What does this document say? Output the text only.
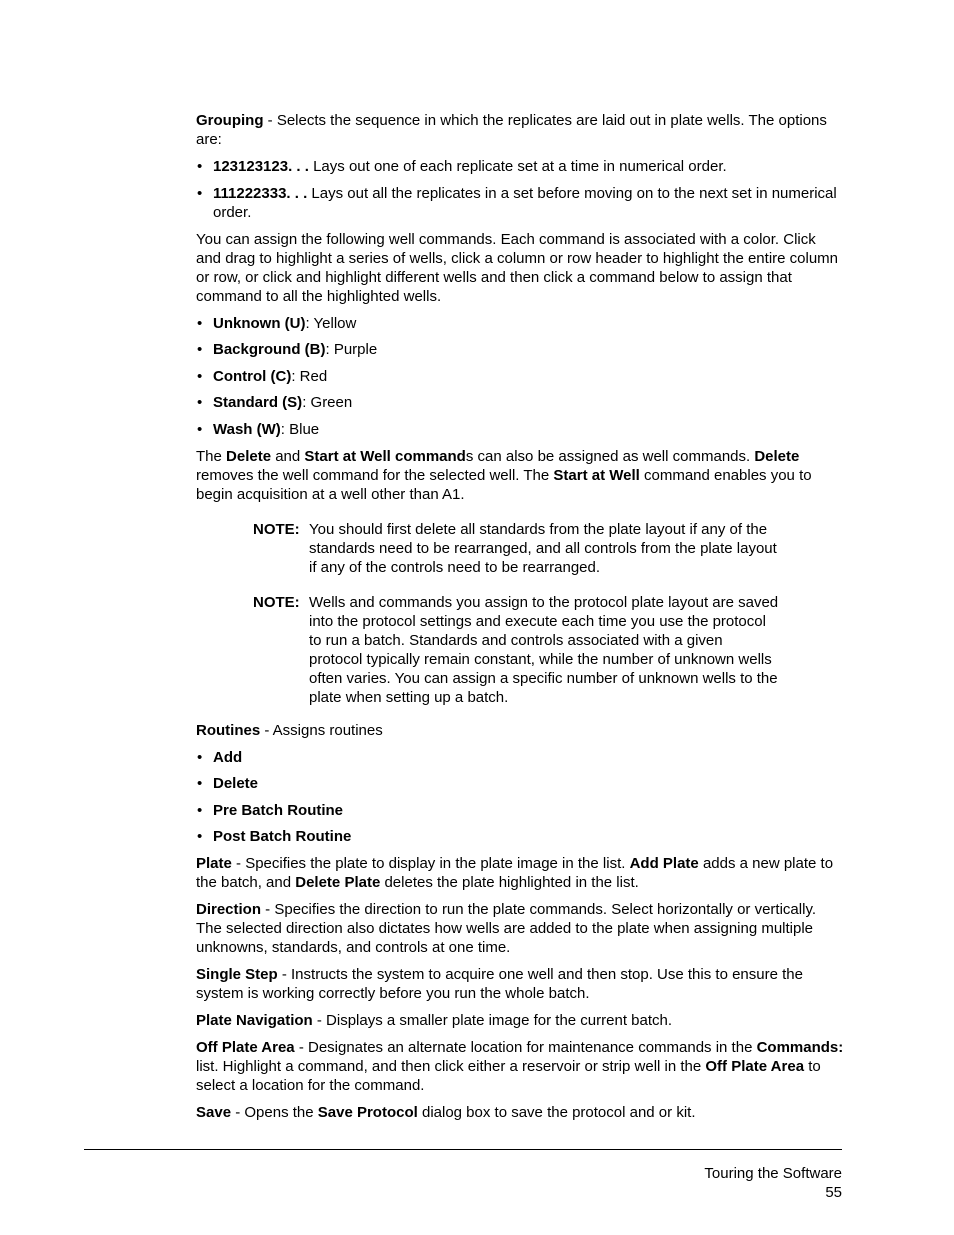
Grouping - Selects the sequence in which the replicates are laid out in plate wells. The options are:

• 123123123. . . Lays out one of each replicate set at a time in numerical order.
• 111222333. . . Lays out all the replicates in a set before moving on to the next set in numerical order.

You can assign the following well commands. Each command is associated with a color. Click and drag to highlight a series of wells, click a column or row header to highlight the entire column or row, or click and highlight different wells and then click a command below to assign that command to all the highlighted wells.

• Unknown (U): Yellow
• Background (B): Purple
• Control (C): Red
• Standard (S): Green
• Wash (W): Blue

The Delete and Start at Well commands can also be assigned as well commands. Delete removes the well command for the selected well. The Start at Well command enables you to begin acquisition at a well other than A1.

NOTE: You should first delete all standards from the plate layout if any of the standards need to be rearranged, and all controls from the plate layout if any of the controls need to be rearranged.
NOTE: Wells and commands you assign to the protocol plate layout are saved into the protocol settings and execute each time you use the protocol to run a batch. Standards and controls associated with a given protocol typically remain constant, while the number of unknown wells often varies. You can assign a specific number of unknown wells to the plate when setting up a batch.

Routines - Assigns routines

• Add
• Delete
• Pre Batch Routine
• Post Batch Routine

Plate - Specifies the plate to display in the plate image in the list. Add Plate adds a new plate to the batch, and Delete Plate deletes the plate highlighted in the list.

Direction - Specifies the direction to run the plate commands. Select horizontally or vertically. The selected direction also dictates how wells are added to the plate when assigning multiple unknowns, standards, and controls at one time.

Single Step - Instructs the system to acquire one well and then stop. Use this to ensure the system is working correctly before you run the whole batch.

Plate Navigation - Displays a smaller plate image for the current batch.

Off Plate Area - Designates an alternate location for maintenance commands in the Commands: list. Highlight a command, and then click either a reservoir or strip well in the Off Plate Area to select a location for the command.

Save - Opens the Save Protocol dialog box to save the protocol and or kit.

Touring the Software
55
